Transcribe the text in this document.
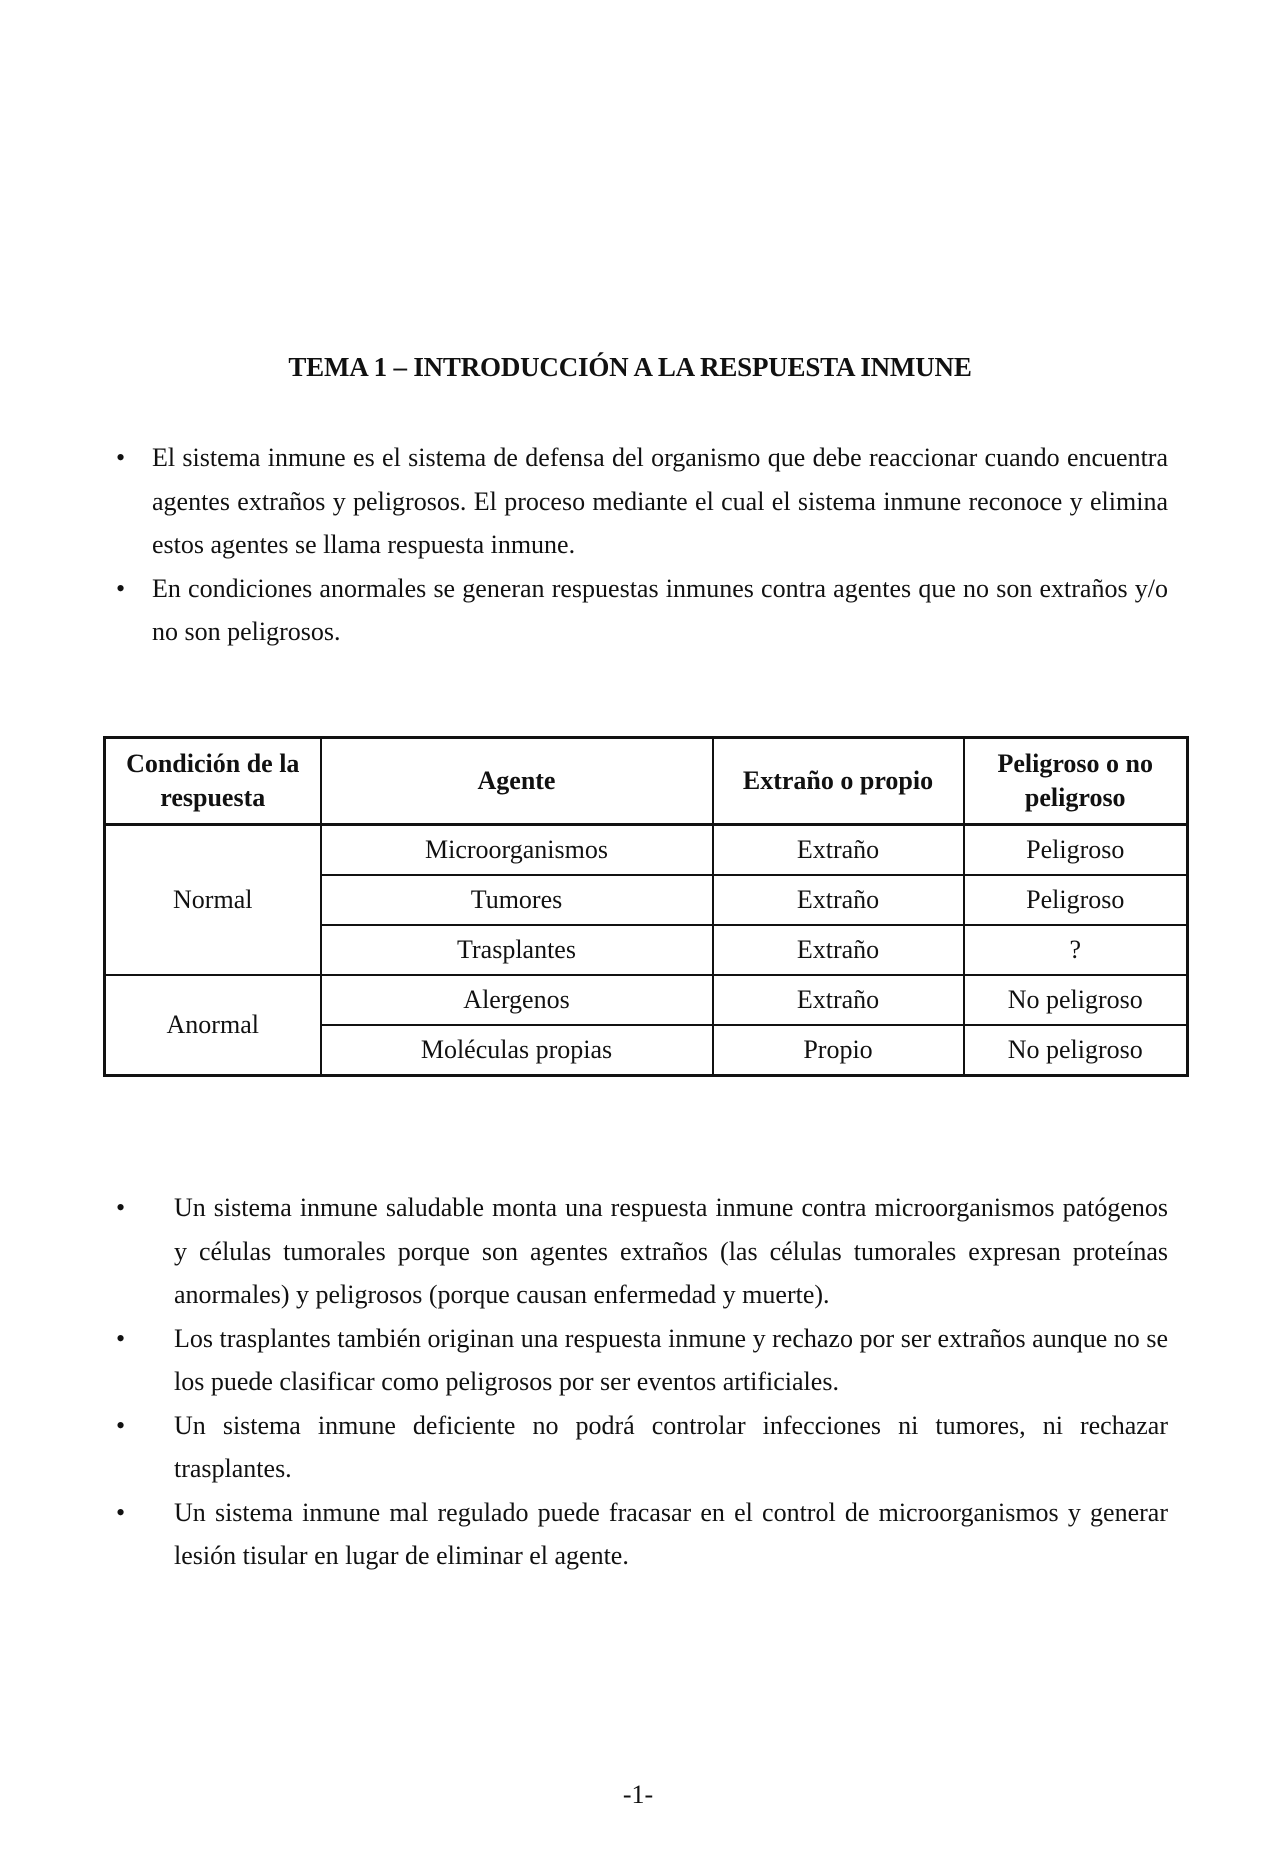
TEMA 1 – INTRODUCCIÓN A LA RESPUESTA INMUNE
• El sistema inmune es el sistema de defensa del organismo que debe reaccionar cuando encuentra agentes extraños y peligrosos. El proceso mediante el cual el sistema inmune reconoce y elimina estos agentes se llama respuesta inmune.
• En condiciones anormales se generan respuestas inmunes contra agentes que no son extraños y/o no son peligrosos.
Condición de la respuesta	Agente	Extraño o propio	Peligroso o no peligroso
Normal	Microorganismos	Extraño	Peligroso
	Tumores	Extraño	Peligroso
	Trasplantes	Extraño	?
Anormal	Alergenos	Extraño	No peligroso
	Moléculas propias	Propio	No peligroso
• Un sistema inmune saludable monta una respuesta inmune contra microorganismos patógenos y células tumorales porque son agentes extraños (las células tumorales expresan proteínas anormales) y peligrosos (porque causan enfermedad y muerte).
• Los trasplantes también originan una respuesta inmune y rechazo por ser extraños aunque no se los puede clasificar como peligrosos por ser eventos artificiales.
• Un sistema inmune deficiente no podrá controlar infecciones ni tumores, ni rechazar trasplantes.
• Un sistema inmune mal regulado puede fracasar en el control de microorganismos y generar lesión tisular en lugar de eliminar el agente.
-1-
